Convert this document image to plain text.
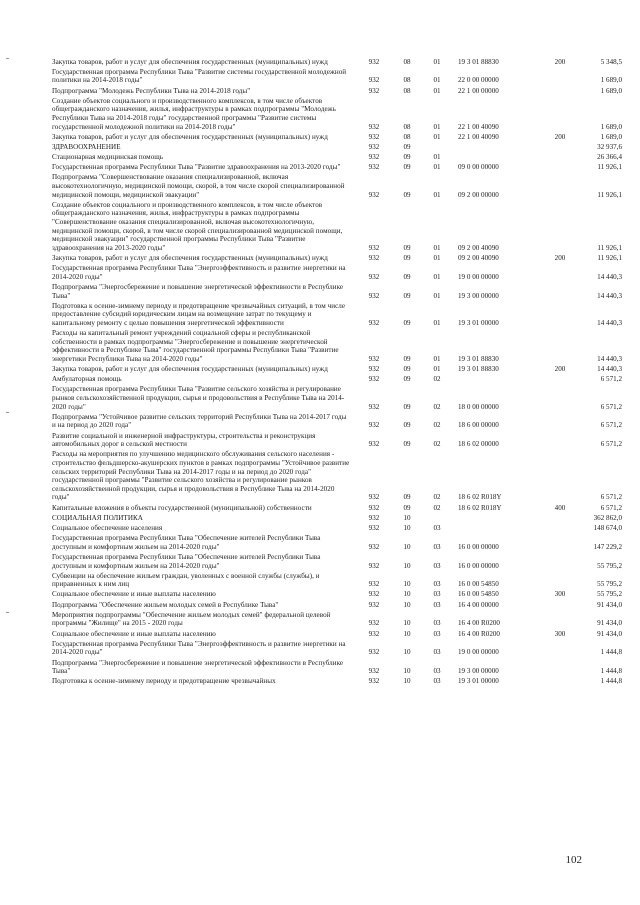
Закупка товаров, работ и услуг для обеспечения государственных (муниципальных) нужд	932	08	01	19 3 01 88830	200	5 348,5
Государственная программа Республики Тыва "Развитие системы государственной молодежной политики на 2014-2018 годы"	932	08	01	22 0 00 00000		1 689,0
Подпрограмма "Молодежь Республики Тыва на 2014-2018 годы"	932	08	01	22 1 00 00000		1 689,0
Создание объектов социального и производственного комплексов, в том числе объектов общегражданского назначения, жилья, инфраструктуры в рамках подпрограммы "Молодежь Республики Тыва на 2014-2018 годы" государственной программы "Развитие системы государственной молодежной политики на 2014-2018 годы"	932	08	01	22 1 00 40090		1 689,0
Закупка товаров, работ и услуг для обеспечения государственных (муниципальных) нужд	932	08	01	22 1 00 40090	200	1 689,0
ЗДРАВООХРАНЕНИЕ	932	09				32 937,6
Стационарная медицинская помощь	932	09	01			26 366,4
Государственная программа Республики Тыва "Развитие здравоохранения на 2013-2020 годы"	932	09	01	09 0 00 00000		11 926,1
Подпрограмма "Совершенствование оказания специализированной, включая высокотехнологичную, медицинской помощи, скорой, в том числе скорой специализированной медицинской помощи, медицинской эвакуации"	932	09	01	09 2 00 00000		11 926,1
Создание объектов социального и производственного комплексов, в том числе объектов общегражданского назначения, жилья, инфраструктуры в рамках подпрограммы "Совершенствование оказания специализированной, включая высокотехнологичную, медицинской помощи, скорой, в том числе скорой специализированной медицинской помощи, медицинской эвакуации" государственной программы Республики Тыва "Развитие здравоохранения на 2013-2020 годы"	932	09	01	09 2 00 40090		11 926,1
Закупка товаров, работ и услуг для обеспечения государственных (муниципальных) нужд	932	09	01	09 2 00 40090	200	11 926,1
Государственная программа Республики Тыва "Энергоэффективность и развитие энергетики на 2014-2020 годы"	932	09	01	19 0 00 00000		14 440,3
Подпрограмма "Энергосбережение и повышение энергетической эффективности в Республике Тыва"	932	09	01	19 3 00 00000		14 440,3
Подготовка к осенне-зимнему периоду и предотвращение чрезвычайных ситуаций, в том числе предоставление субсидий юридическим лицам на возмещение затрат по текущему и капитальному ремонту с целью повышения энергетической эффективности	932	09	01	19 3 01 00000		14 440,3
Расходы на капитальный ремонт учреждений социальной сферы и республиканской собственности в рамках подпрограммы "Энергосбережение и повышение энергетической эффективности в Республике Тыва" государственной программы Республики Тыва "Развитие энергетики Республики Тыва на 2014-2020 годы"	932	09	01	19 3 01 88830		14 440,3
Закупка товаров, работ и услуг для обеспечения государственных (муниципальных) нужд	932	09	01	19 3 01 88830	200	14 440,3
Амбулаторная помощь	932	09	02			6 571,2
Государственная программа Республики Тыва "Развитие сельского хозяйства и регулирование рынков сельскохозяйственной продукции, сырья и продовольствия в Республике Тыва на 2014-2020 годы"	932	09	02	18 0 00 00000		6 571,2
Подпрограмма "Устойчивое развитие сельских территорий Республики Тыва на 2014-2017 годы и на период до 2020 года"	932	09	02	18 6 00 00000		6 571,2
Развитие социальной и инженерной инфраструктуры, строительства и реконструкция автомобильных дорог в сельской местности	932	09	02	18 6 02 00000		6 571,2
Расходы на мероприятия по улучшению медицинского обслуживания сельского населения - строительство фельдшерско-акушерских пунктов в рамках подпрограммы "Устойчивое развитие сельских территорий Республики Тыва на 2014-2017 годы и на период до 2020 года" государственной программы "Развитие сельского хозяйства и регулирование рынков сельскохозяйственной продукции, сырья и продовольствия в Республике Тыва на 2014-2020 годы"	932	09	02	18 6 02 R018Y		6 571,2
Капитальные вложения в объекты государственной (муниципальной) собственности	932	09	02	18 6 02 R018Y	400	6 571,2
СОЦИАЛЬНАЯ ПОЛИТИКА	932	10				362 862,0
Социальное обеспечение населения	932	10	03			148 674,0
Государственная программа Республики Тыва "Обеспечение жителей Республики Тыва доступным и комфортным жильем на 2014-2020 годы"	932	10	03	16 0 00 00000		147 229,2
Государственная программа Республики Тыва "Обеспечение жителей Республики Тыва доступным и комфортным жильем на 2014-2020 годы"	932	10	03	16 0 00 00000		55 795,2
Субвенции на обеспечение жильем граждан, уволенных с военной службы (службы), и приравненных к ним лиц	932	10	03	16 0 00 54850		55 795,2
Социальное обеспечение и иные выплаты населению	932	10	03	16 0 00 54850	300	55 795,2
Подпрограмма "Обеспечение жильем молодых семей в Республике Тыва"	932	10	03	16 4 00 00000		91 434,0
Мероприятия подпрограммы "Обеспечение жильем молодых семей" федеральной целевой программы "Жилище" на 2015 - 2020 годы	932	10	03	16 4 00 R0200		91 434,0
Социальное обеспечение и иные выплаты населению	932	10	03	16 4 00 R0200	300	91 434,0
Государственная программа Республики Тыва "Энергоэффективность и развитие энергетики на 2014-2020 годы"	932	10	03	19 0 00 00000		1 444,8
Подпрограмма "Энергосбережение и повышение энергетической эффективности в Республике Тыва"	932	10	03	19 3 00 00000		1 444,8
Подготовка к осенне-зимнему периоду и предотвращение чрезвычайных	932	10	03	19 3 01 00000		1 444,8
102
